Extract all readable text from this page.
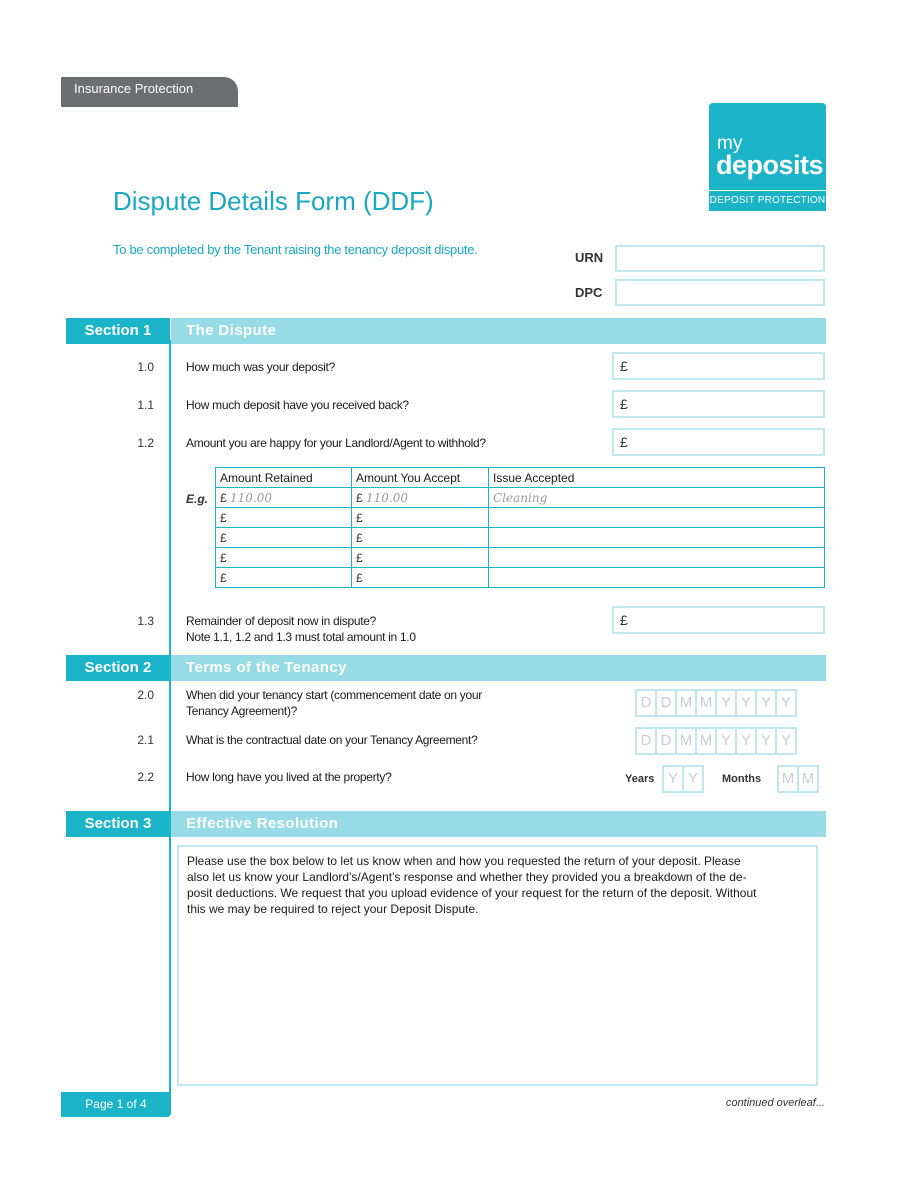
Insurance Protection
my
deposits
DEPOSIT PROTECTION
Dispute Details Form (DDF)
To be completed by the Tenant raising the tenancy deposit dispute.
URN
DPC
Section 1	The Dispute
1.0	How much was your deposit?	£
1.1	How much deposit have you received back?	£
1.2	Amount you are happy for your Landlord/Agent to withhold?	£
E.g.
Amount Retained	Amount You Accept	Issue Accepted
£ 110.00	£ 110.00	Cleaning
£	£	
£	£	
£	£	
£	£	
1.3	Remainder of deposit now in dispute?
Note 1.1, 1.2 and 1.3 must total amount in 1.0
£
Section 2	Terms of the Tenancy
2.0	When did your tenancy start (commencement date on your
Tenancy Agreement)?	D D M M Y Y Y Y
2.1	What is the contractual date on your Tenancy Agreement?	D D M M Y Y Y Y
2.2	How long have you lived at the property?	Years Y Y	Months	M M
Section 3	Effective Resolution
Please use the box below to let us know when and how you requested the return of your deposit. Please
also let us know your Landlord's/Agent's response and whether they provided you a breakdown of the de-
posit deductions. We request that you upload evidence of your request for the return of the deposit. Without
this we may be required to reject your Deposit Dispute.
Page 1 of 4	continued overleaf...
